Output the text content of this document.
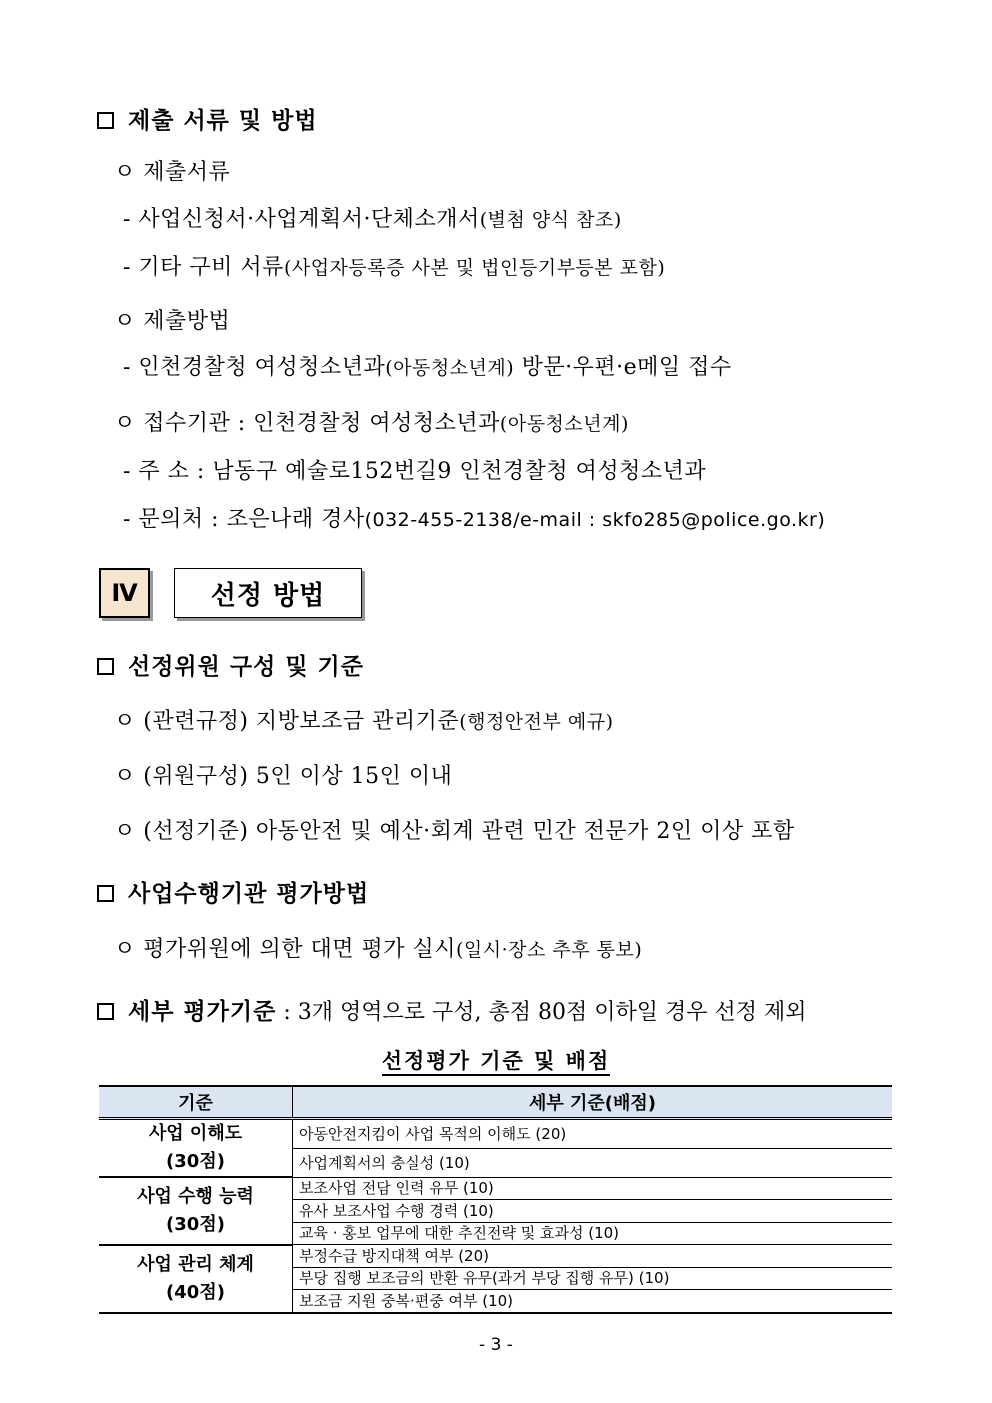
제출 서류 및 방법
ㅇ 제출서류
- 사업신청서·사업계획서·단체소개서(별첨 양식 참조)
- 기타 구비 서류(사업자등록증 사본 및 법인등기부등본 포함)
ㅇ 제출방법
- 인천경찰청 여성청소년과(아동청소년계) 방문·우편·e메일 접수
ㅇ 접수기관 : 인천경찰청 여성청소년과(아동청소년계)
- 주 소 : 남동구 예술로152번길9 인천경찰청 여성청소년과
- 문의처 : 조은나래 경사(032-455-2138/e-mail : skfo285@police.go.kr)
Ⅳ	선정 방법
선정위원 구성 및 기준
ㅇ (관련규정) 지방보조금 관리기준(행정안전부 예규)
ㅇ (위원구성) 5인 이상 15인 이내
ㅇ (선정기준) 아동안전 및 예산·회계 관련 민간 전문가 2인 이상 포함
사업수행기관 평가방법
ㅇ 평가위원에 의한 대면 평가 실시(일시·장소 추후 통보)
세부 평가기준 : 3개 영역으로 구성, 총점 80점 이하일 경우 선정 제외
선정평가 기준 및 배점
기준	세부 기준(배점)
사업 이해도
(30점)	아동안전지킴이 사업 목적의 이해도 (20)
	사업계획서의 충실성 (10)
사업 수행 능력
(30점)	보조사업 전담 인력 유무 (10)
	유사 보조사업 수행 경력 (10)
	교육 · 홍보 업무에 대한 추진전략 및 효과성 (10)
사업 관리 체계
(40점)	부정수급 방지대책 여부 (20)
	부당 집행 보조금의 반환 유무(과거 부당 집행 유무) (10)
	보조금 지원 중복·편중 여부 (10)
- 3 -
